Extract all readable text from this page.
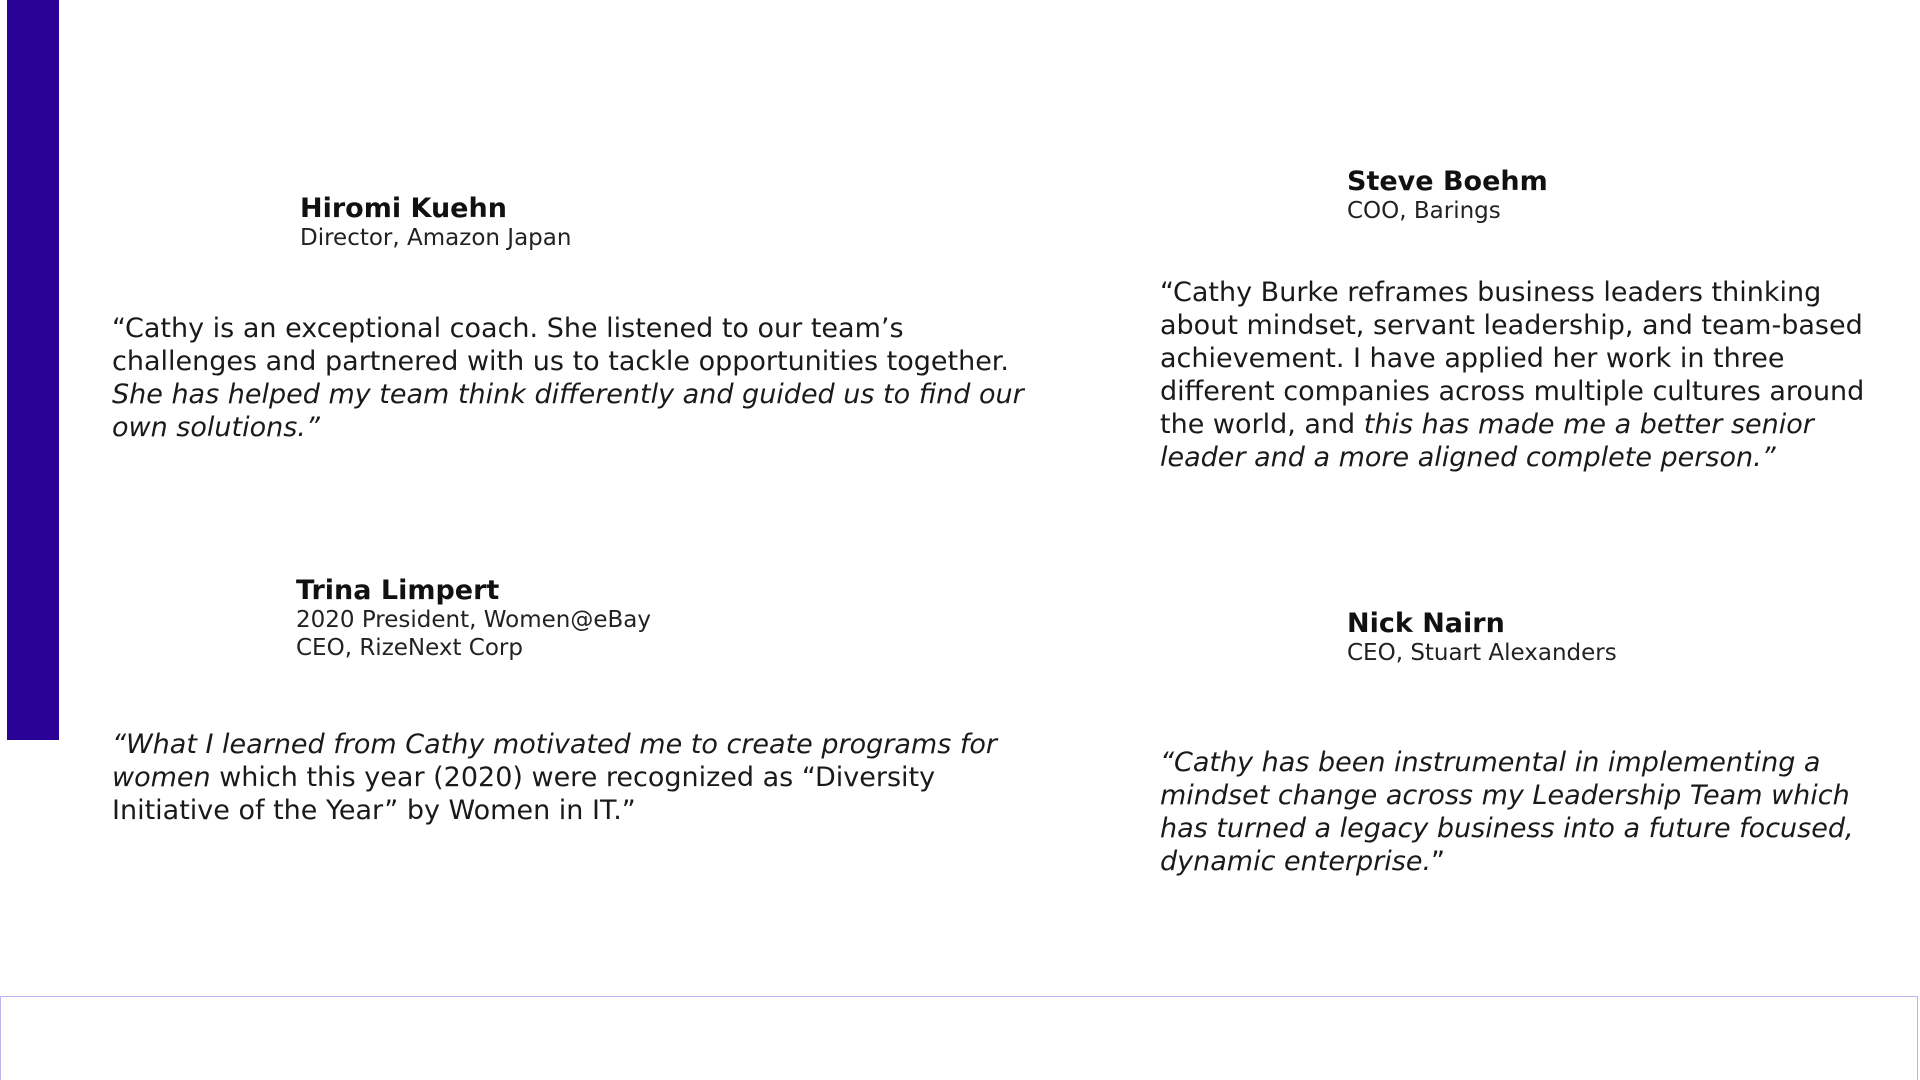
Hiromi Kuehn
Director, Amazon Japan
“Cathy is an exceptional coach. She listened to our team’s challenges and partnered with us to tackle opportunities together. She has helped my team think differently and guided us to find our own solutions.”
Steve Boehm
COO, Barings
“Cathy Burke reframes business leaders thinking about mindset, servant leadership, and team-based achievement. I have applied her work in three different companies across multiple cultures around the world, and this has made me a better senior leader and a more aligned complete person.”
Trina Limpert
2020 President, Women@eBay
CEO, RizeNext Corp
“What I learned from Cathy motivated me to create programs for women which this year (2020) were recognized as “Diversity Initiative of the Year” by Women in IT.”
Nick Nairn
CEO, Stuart Alexanders
“Cathy has been instrumental in implementing a mindset change across my Leadership Team which has turned a legacy business into a future focused, dynamic enterprise.”
